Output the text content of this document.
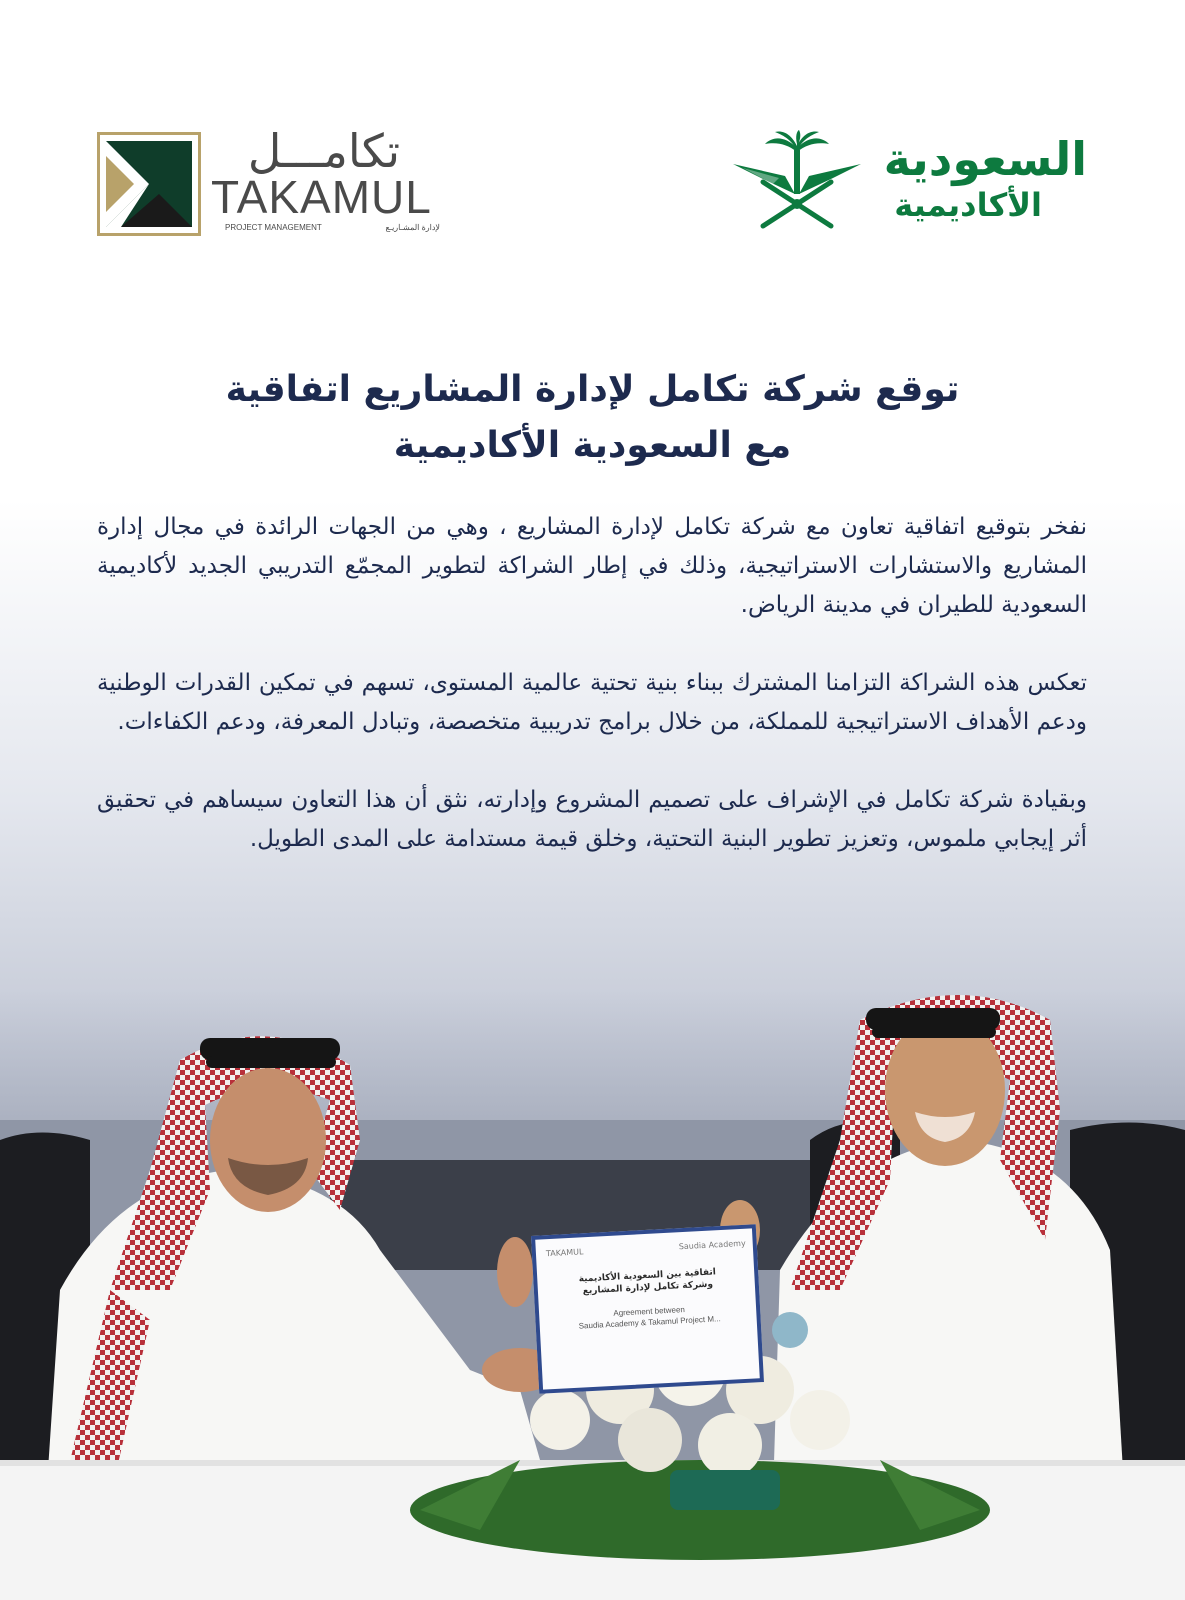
تكامـــل
TAKAMUL
PROJECT MANAGEMENT	لإدارة المشـاريـع
السعودية
الأكاديمية
توقع شركة تكامل لإدارة المشاريع اتفاقية
مع السعودية الأكاديمية

نفخر بتوقيع اتفاقية تعاون مع شركة تكامل لإدارة المشاريع ، وهي من الجهات الرائدة في مجال إدارة المشاريع والاستشارات الاستراتيجية، وذلك في إطار الشراكة لتطوير المجمّع التدريبي الجديد لأكاديمية السعودية للطيران في مدينة الرياض.

تعكس هذه الشراكة التزامنا المشترك ببناء بنية تحتية عالمية المستوى، تسهم في تمكين القدرات الوطنية ودعم الأهداف الاستراتيجية للمملكة، من خلال برامج تدريبية متخصصة، وتبادل المعرفة، ودعم الكفاءات.

وبقيادة شركة تكامل في الإشراف على تصميم المشروع وإدارته، نثق أن هذا التعاون سيساهم في تحقيق أثر إيجابي ملموس، وتعزيز تطوير البنية التحتية، وخلق قيمة مستدامة على المدى الطويل.

TAKAMUL
Saudia Academy
اتفاقية بين السعودية الأكاديمية
وشركة تكامل لإدارة المشاريع
Agreement between
Saudia Academy & Takamul Project M...
